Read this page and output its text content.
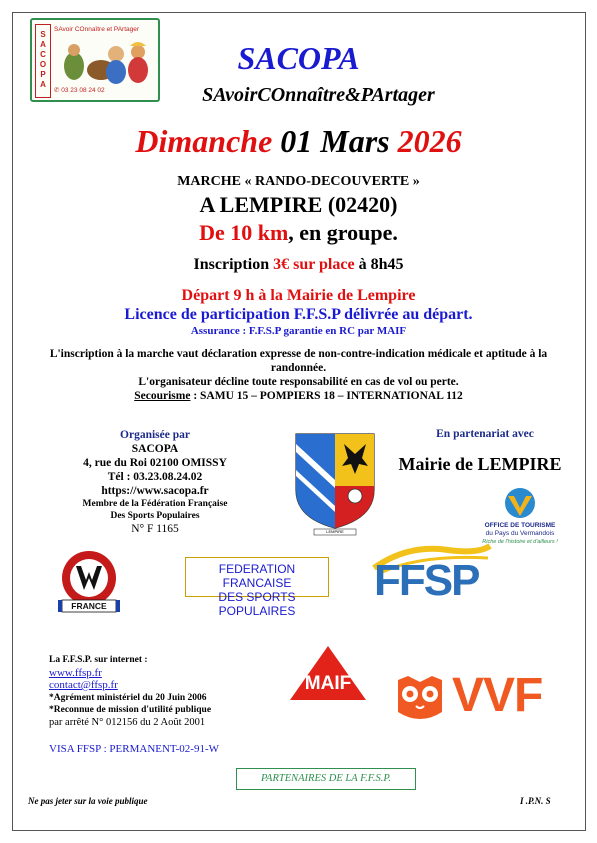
S
A
C
O
P
A
SAvoir COnnaître et PArtager
✆ 03 23 08 24 02
SACOPA
SAvoirCOnnaître&PArtager
Dimanche 01 Mars 2026
MARCHE « RANDO-DECOUVERTE »
A LEMPIRE (02420)
De 10 km, en groupe.
Inscription 3€ sur place à 8h45
Départ 9 h à la Mairie de Lempire
Licence de participation F.F.S.P délivrée au départ.
Assurance : F.F.S.P garantie en RC par MAIF
L'inscription à la marche vaut déclaration expresse de non-contre-indication médicale et aptitude à la
randonnée.
L'organisateur décline toute responsabilité en cas de vol ou perte.
Secourisme : SAMU 15 – POMPIERS 18 – INTERNATIONAL 112
Organisée par
SACOPA
4, rue du Roi 02100 OMISSY
Tél : 03.23.08.24.02
https://www.sacopa.fr
Membre de la Fédération Française
Des Sports Populaires
N° F 1165	LEMPIRE
En partenariat avec
Mairie de LEMPIRE
OFFICE DE TOURISME
du Pays du Vermandois
Riche de l'histoire et d'ailleurs !
FRANCE
FEDERATION FRANCAISE
DES SPORTS POPULAIRES
FFSP
La F.F.S.P. sur internet :
www.ffsp.fr
contact@ffsp.fr
*Agrément ministériel du 20 Juin 2006
*Reconnue de mission d'utilité publique
par arrêté N° 012156 du 2 Août 2001
VISA FFSP : PERMANENT-02-91-W
MAIF	VVF
PARTENAIRES DE LA F.F.S.P.
Ne pas jeter sur la voie publique	I .P.N. S
